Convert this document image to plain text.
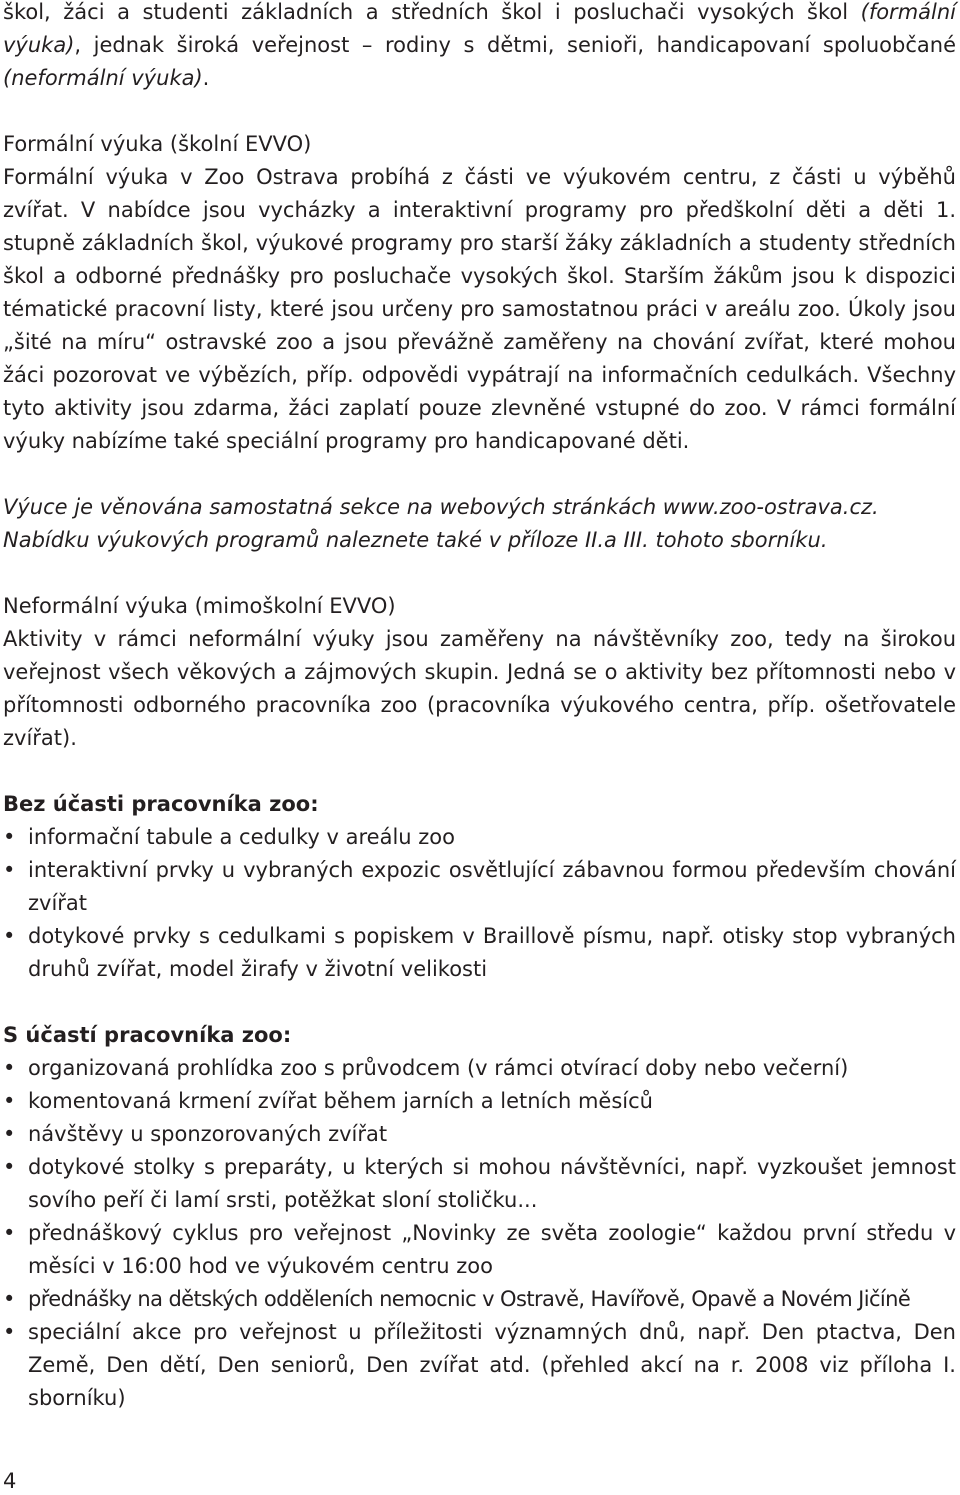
škol, žáci a studenti základních a středních škol i posluchači vysokých škol (formální výuka), jednak široká veřejnost – rodiny s dětmi, senioři, handicapovaní spoluobčané (neformální výuka).

Formální výuka (školní EVVO)

Formální výuka v Zoo Ostrava probíhá z části ve výukovém centru, z části u výběhů zvířat. V nabídce jsou vycházky a interaktivní programy pro předškolní děti a děti 1. stupně základních škol, výukové programy pro starší žáky základních a studenty středních škol a odborné přednášky pro posluchače vysokých škol. Starším žákům jsou k dispozici tématické pracovní listy, které jsou určeny pro samostatnou práci v areálu zoo. Úkoly jsou „šité na míru“ ostravské zoo a jsou převážně zaměřeny na chování zvířat, které mohou žáci pozorovat ve výbězích, příp. odpovědi vypátrají na informačních cedulkách. Všechny tyto aktivity jsou zdarma, žáci zaplatí pouze zlevněné vstupné do zoo. V rámci formální výuky nabízíme také speciální programy pro handicapované děti.

Výuce je věnována samostatná sekce na webových stránkách www.zoo-ostrava.cz.

Nabídku výukových programů naleznete také v příloze II.a III. tohoto sborníku.

Neformální výuka (mimoškolní EVVO)

Aktivity v rámci neformální výuky jsou zaměřeny na návštěvníky zoo, tedy na širokou veřejnost všech věkových a zájmových skupin. Jedná se o aktivity bez přítomnosti nebo v přítomnosti odborného pracovníka zoo (pracovníka výukového centra, příp. ošetřovatele zvířat).

Bez účasti pracovníka zoo:

• informační tabule a cedulky v areálu zoo
• interaktivní prvky u vybraných expozic osvětlující zábavnou formou především chování zvířat
• dotykové prvky s cedulkami s popiskem v Braillově písmu, např. otisky stop vybraných druhů zvířat, model žirafy v životní velikosti

S účastí pracovníka zoo:

• organizovaná prohlídka zoo s průvodcem (v rámci otvírací doby nebo večerní)
• komentovaná krmení zvířat během jarních a letních měsíců
• návštěvy u sponzorovaných zvířat
• dotykové stolky s preparáty, u kterých si mohou návštěvníci, např. vyzkoušet jemnost sovího peří či lamí srsti, potěžkat sloní stoličku...
• přednáškový cyklus pro veřejnost „Novinky ze světa zoologie“ každou první středu v měsíci v 16:00 hod ve výukovém centru zoo
• přednášky na dětských odděleních nemocnic v Ostravě, Havířově, Opavě a Novém Jičíně
• speciální akce pro veřejnost u příležitosti významných dnů, např. Den ptactva, Den Země, Den dětí, Den seniorů, Den zvířat atd. (přehled akcí na r. 2008 viz příloha I. sborníku)
4
